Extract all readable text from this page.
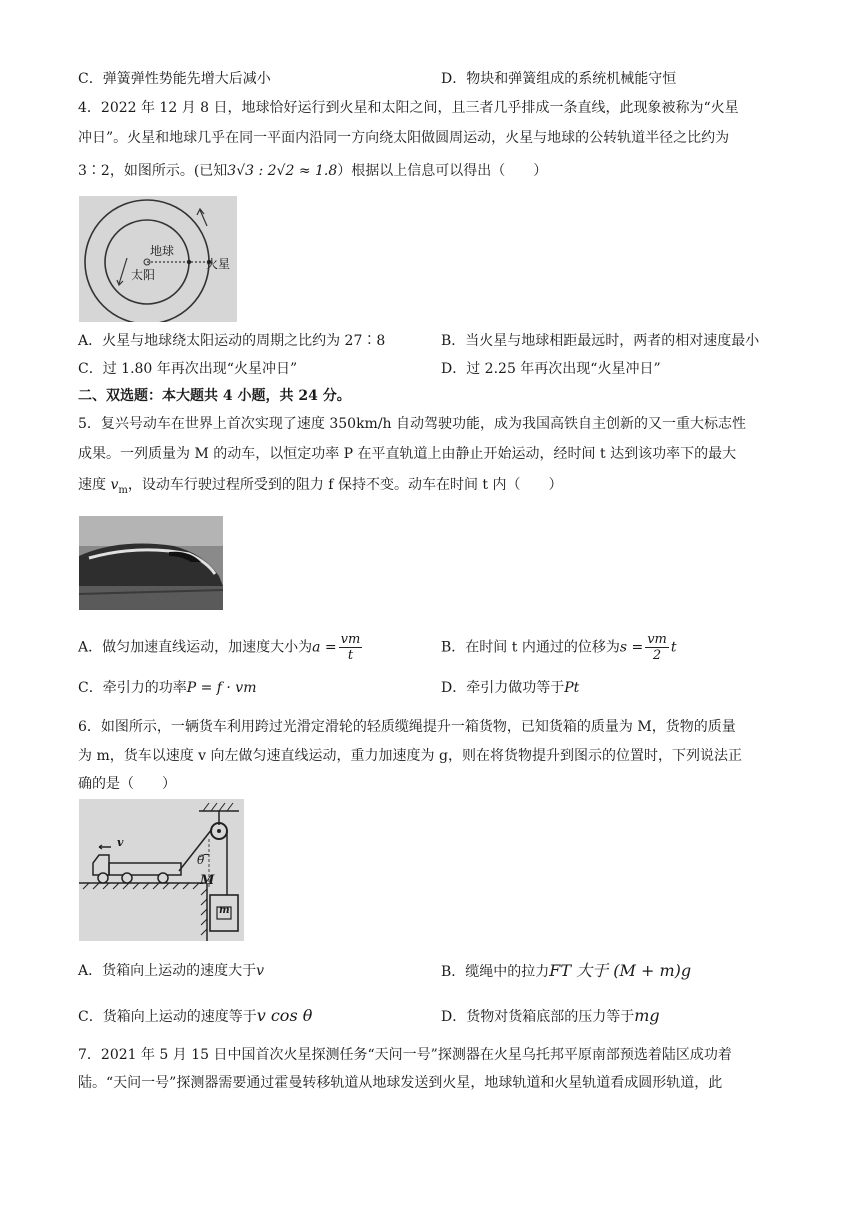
C．弹簧弹性势能先增大后减小	D．物块和弹簧组成的系统机械能守恒
4．2022 年 12 月 8 日，地球恰好运行到火星和太阳之间，且三者几乎排成一条直线，此现象被称为“火星
冲日”。火星和地球几乎在同一平面内沿同一方向绕太阳做圆周运动，火星与地球的公转轨道半径之比约为
3∶2，如图所示。(已知3√3 : 2√2 ≈ 1.8）根据以上信息可以得出（　　）
地球
太阳
火星
A．火星与地球绕太阳运动的周期之比约为 27∶8	B．当火星与地球相距最远时，两者的相对速度最小
C．过 1.80 年再次出现“火星冲日”	D．过 2.25 年再次出现“火星冲日”
二、双选题：本大题共 4 小题，共 24 分。
5．复兴号动车在世界上首次实现了速度 350km/h 自动驾驶功能，成为我国高铁自主创新的又一重大标志性
成果。一列质量为 M 的动车，以恒定功率 P 在平直轨道上由静止开始运动，经时间 t 达到该功率下的最大
速度 $v_m$，设动车行驶过程所受到的阻力 f 保持不变。动车在时间 t 内（　　）
A．做匀加速直线运动，加速度大小为$a = \frac{vm}{t}$	B．在时间 t 内通过的位移为$s = \frac{vm}{2}$ t
C．牵引力的功率P = f · vm	D．牵引力做功等于Pt
6．如图所示，一辆货车利用跨过光滑定滑轮的轻质缆绳提升一箱货物，已知货箱的质量为 M，货物的质量
为 m，货车以速度 v 向左做匀速直线运动，重力加速度为 g，则在将货物提升到图示的位置时，下列说法正
确的是（　　）
v
θ
M
m
A．货箱向上运动的速度大于v	B．缆绳中的拉力FT 大于 (M + m)g
C．货箱向上运动的速度等于v cos θ	D．货物对货箱底部的压力等于mg
7．2021 年 5 月 15 日中国首次火星探测任务“天问一号”探测器在火星乌托邦平原南部预选着陆区成功着
陆。“天问一号”探测器需要通过霍曼转移轨道从地球发送到火星，地球轨道和火星轨道看成圆形轨道，此
